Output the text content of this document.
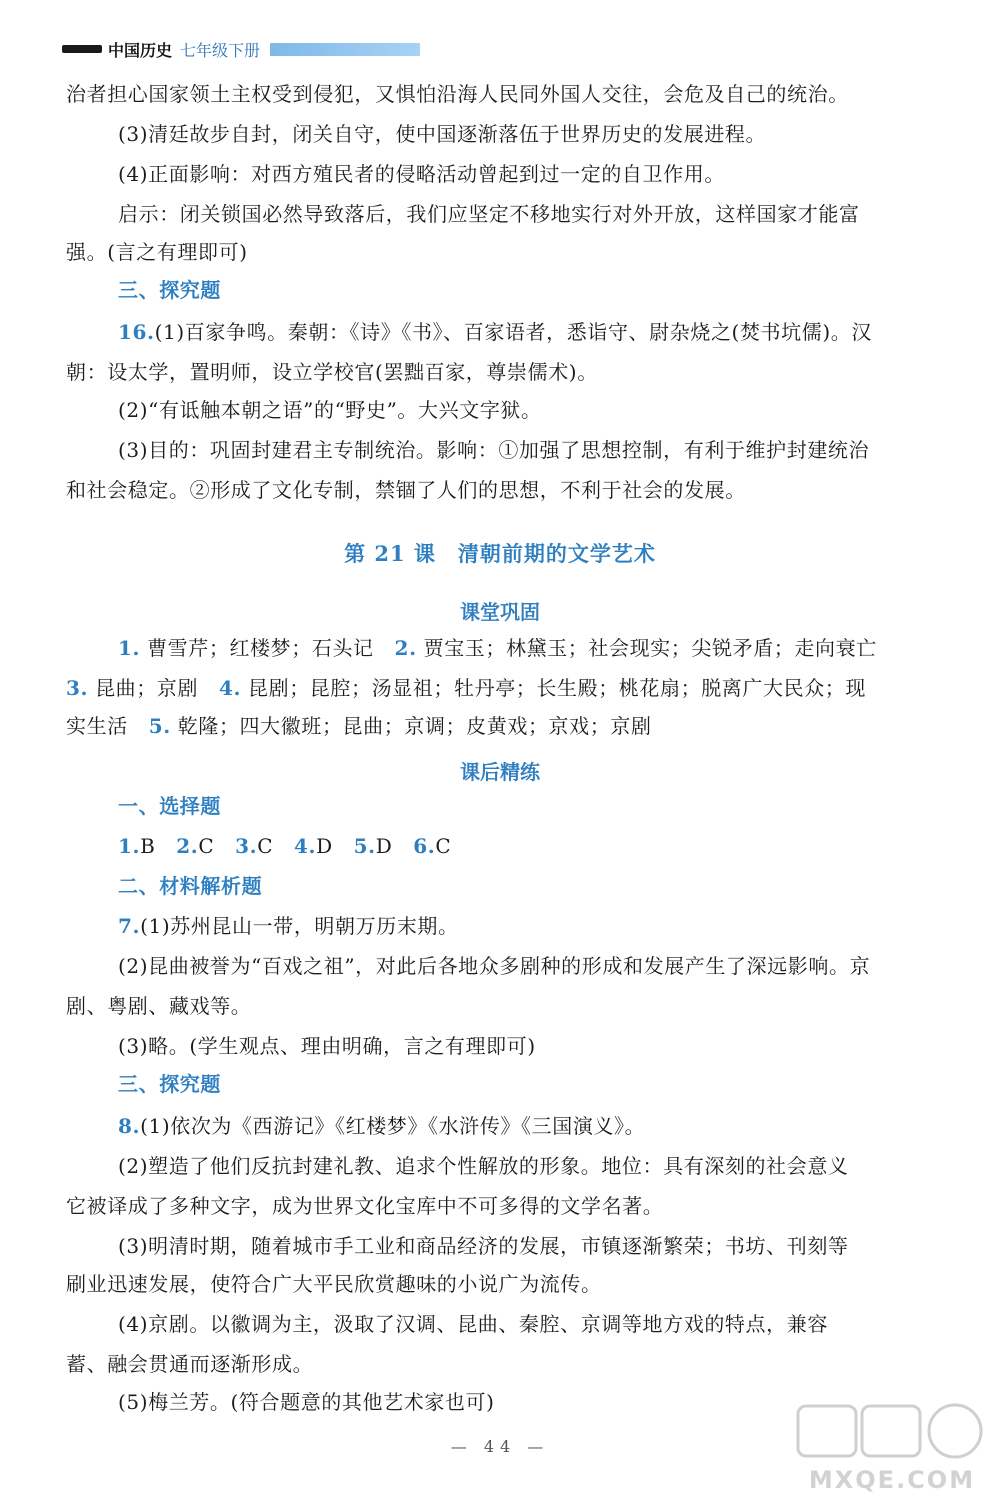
中国历史 七年级下册
治者担心国家领土主权受到侵犯，又惧怕沿海人民同外国人交往，会危及自己的统治。
(3)清廷故步自封，闭关自守，使中国逐渐落伍于世界历史的发展进程。
(4)正面影响：对西方殖民者的侵略活动曾起到过一定的自卫作用。
启示：闭关锁国必然导致落后，我们应坚定不移地实行对外开放，这样国家才能富
强。(言之有理即可)
三、探究题
16.(1)百家争鸣。秦朝：《诗》《书》、百家语者，悉诣守、尉杂烧之(焚书坑儒)。汉
朝：设太学，置明师，设立学校官(罢黜百家，尊崇儒术)。
(2)“有诋触本朝之语”的“野史”。大兴文字狱。
(3)目的：巩固封建君主专制统治。影响：①加强了思想控制，有利于维护封建统治
和社会稳定。②形成了文化专制，禁锢了人们的思想，不利于社会的发展。
第 21 课　清朝前期的文学艺术
课堂巩固
1. 曹雪芹；红楼梦；石头记 2. 贾宝玉；林黛玉；社会现实；尖锐矛盾；走向衰亡
3. 昆曲；京剧 4. 昆剧；昆腔；汤显祖；牡丹亭；长生殿；桃花扇；脱离广大民众；现
实生活 5. 乾隆；四大徽班；昆曲；京调；皮黄戏；京戏；京剧
课后精练
一、选择题
1.B 2.C 3.C 4.D 5.D 6.C
二、材料解析题
7.(1)苏州昆山一带，明朝万历末期。
(2)昆曲被誉为“百戏之祖”，对此后各地众多剧种的形成和发展产生了深远影响。京
剧、粤剧、藏戏等。
(3)略。(学生观点、理由明确，言之有理即可)
三、探究题
8.(1)依次为《西游记》《红楼梦》《水浒传》《三国演义》。
(2)塑造了他们反抗封建礼教、追求个性解放的形象。地位：具有深刻的社会意义
它被译成了多种文字，成为世界文化宝库中不可多得的文学名著。
(3)明清时期，随着城市手工业和商品经济的发展，市镇逐渐繁荣；书坊、刊刻等
刷业迅速发展，使符合广大平民欣赏趣味的小说广为流传。
(4)京剧。以徽调为主，汲取了汉调、昆曲、秦腔、京调等地方戏的特点，兼容
蓄、融会贯通而逐渐形成。
(5)梅兰芳。(符合题意的其他艺术家也可)
— 44 —
MXQE.COM
